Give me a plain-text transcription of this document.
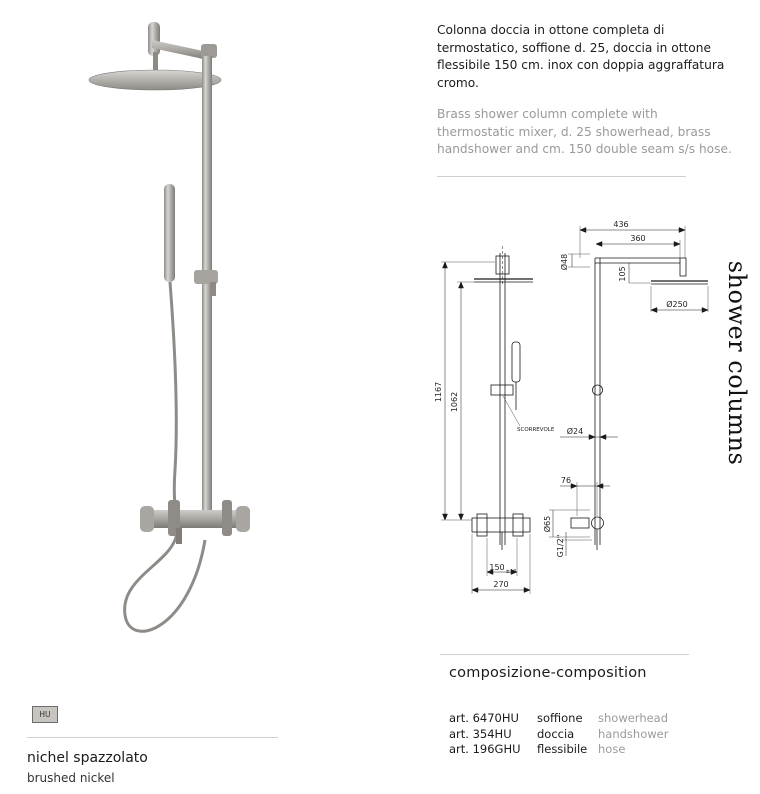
Colonna doccia in ottone completa di
termostatico, soffione d. 25, doccia in ottone
flessibile 150 cm. inox con doppia aggraffatura
cromo.
Brass shower column complete with
thermostatic mixer, d. 25 showerhead, brass
handshower and cm. 150 double seam s/s hose.
shower columns
436
360
Ø48
105
Ø250
1167 1062
SCORREVOLE Ø24
76
Ø65
G1/2"
150 ±10
270
composizione-composition
art. 6470HU	soffione	showerhead
art. 354HU	doccia	handshower
art. 196GHU	flessibile	hose
HU
nichel spazzolato
brushed nickel
